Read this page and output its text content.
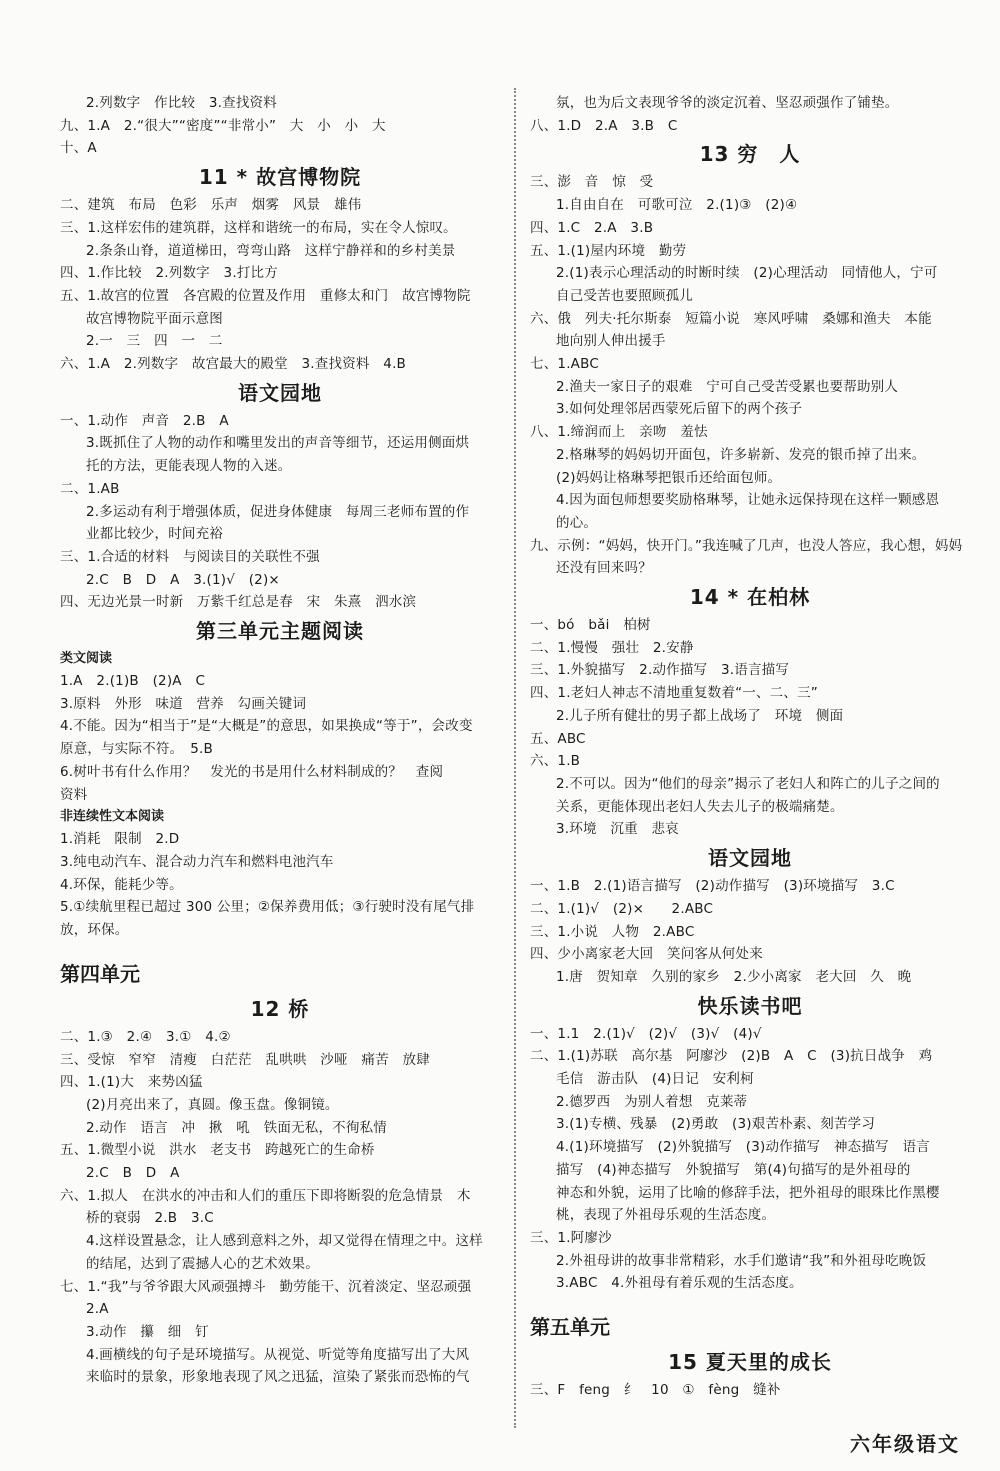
2.列数字　作比较　3.查找资料
九、1.A　2.“很大”“密度”“非常小”　大　小　小　大
十、A
11 * 故宫博物院
二、建筑　布局　色彩　乐声　烟雾　风景　雄伟
三、1.这样宏伟的建筑群，这样和谐统一的布局，实在令人惊叹。
2.条条山脊，道道梯田，弯弯山路　这样宁静祥和的乡村美景
四、1.作比较　2.列数字　3.打比方
五、1.故宫的位置　各宫殿的位置及作用　重修太和门　故宫博物院
故宫博物院平面示意图
2.一　三　四　一　二
六、1.A　2.列数字　故宫最大的殿堂　3.查找资料　4.B
语文园地
一、1.动作　声音　2.B　A
3.既抓住了人物的动作和嘴里发出的声音等细节，还运用侧面烘
托的方法，更能表现人物的入迷。
二、1.AB
2.多运动有利于增强体质，促进身体健康　每周三老师布置的作
业都比较少，时间充裕
三、1.合适的材料　与阅读目的关联性不强
2.C　B　D　A　3.(1)√　(2)×
四、无边光景一时新　万紫千红总是春　宋　朱熹　泗水滨
第三单元主题阅读
类文阅读
1.A　2.(1)B　(2)A　C
3.原料　外形　味道　营养　勾画关键词
4.不能。因为“相当于”是“大概是”的意思，如果换成“等于”，会改变
原意，与实际不符。　5.B
6.树叶书有什么作用？　发光的书是用什么材料制成的？　查阅
资料
非连续性文本阅读
1.消耗　限制　2.D
3.纯电动汽车、混合动力汽车和燃料电池汽车
4.环保，能耗少等。
5.①续航里程已超过 300 公里；②保养费用低；③行驶时没有尾气排
放，环保。
第四单元
12 桥
二、1.③　2.④　3.①　4.②
三、受惊　窄窄　清瘦　白茫茫　乱哄哄　沙哑　痛苦　放肆
四、1.(1)大　来势凶猛
(2)月亮出来了，真圆。像玉盘。像铜镜。
2.动作　语言　冲　揪　吼　铁面无私，不徇私情
五、1.微型小说　洪水　老支书　跨越死亡的生命桥
2.C　B　D　A
六、1.拟人　在洪水的冲击和人们的重压下即将断裂的危急情景　木
桥的衰弱　2.B　3.C
4.这样设置悬念，让人感到意料之外，却又觉得在情理之中。这样
的结尾，达到了震撼人心的艺术效果。
七、1.“我”与爷爷跟大风顽强搏斗　勤劳能干、沉着淡定、坚忍顽强
2.A
3.动作　攥　细　钉
4.画横线的句子是环境描写。从视觉、听觉等角度描写出了大风
来临时的景象，形象地表现了风之迅猛，渲染了紧张而恐怖的气
氛，也为后文表现爷爷的淡定沉着、坚忍顽强作了铺垫。
八、1.D　2.A　3.B　C
13 穷　人
三、澎　音　惊　受
1.自由自在　可歌可泣　2.(1)③　(2)④
四、1.C　2.A　3.B
五、1.(1)屋内环境　勤劳
2.(1)表示心理活动的时断时续　(2)心理活动　同情他人，宁可
自己受苦也要照顾孤儿
六、俄　列夫·托尔斯泰　短篇小说　寒风呼啸　桑娜和渔夫　本能
地向别人伸出援手
七、1.ABC
2.渔夫一家日子的艰难　宁可自己受苦受累也要帮助别人
3.如何处理邻居西蒙死后留下的两个孩子
八、1.缔润而上　亲吻　羞怯
2.格琳琴的妈妈切开面包，许多崭新、发亮的银币掉了出来。
(2)妈妈让格琳琴把银币还给面包师。
4.因为面包师想要奖励格琳琴，让她永远保持现在这样一颗感恩
的心。
九、示例：“妈妈，快开门。”我连喊了几声，也没人答应，我心想，妈妈
还没有回来吗？
14 * 在柏林
一、bó　bǎi　柏树
二、1.慢慢　强壮　2.安静
三、1.外貌描写　2.动作描写　3.语言描写
四、1.老妇人神志不清地重复数着“一、二、三”
2.儿子所有健壮的男子都上战场了　环境　侧面
五、ABC
六、1.B
2.不可以。因为“他们的母亲”揭示了老妇人和阵亡的儿子之间的
关系，更能体现出老妇人失去儿子的极端痛楚。
3.环境　沉重　悲哀
语文园地
一、1.B　2.(1)语言描写　(2)动作描写　(3)环境描写　3.C
二、1.(1)√　(2)×　　2.ABC
三、1.小说　人物　2.ABC
四、少小离家老大回　笑问客从何处来
1.唐　贺知章　久别的家乡　2.少小离家　老大回　久　晚
快乐读书吧
一、1.1　2.(1)√　(2)√　(3)√　(4)√
二、1.(1)苏联　高尔基　阿廖沙　(2)B　A　C　(3)抗日战争　鸡
毛信　游击队　(4)日记　安利柯
2.德罗西　为别人着想　克莱蒂
3.(1)专横、残暴　(2)勇敢　(3)艰苦朴素、刻苦学习
4.(1)环境描写　(2)外貌描写　(3)动作描写　神态描写　语言
描写　(4)神态描写　外貌描写　第(4)句描写的是外祖母的
神态和外貌，运用了比喻的修辞手法，把外祖母的眼珠比作黑樱
桃，表现了外祖母乐观的生活态度。
三、1.阿廖沙
2.外祖母讲的故事非常精彩，水手们邀请“我”和外祖母吃晚饭
3.ABC　4.外祖母有着乐观的生活态度。
第五单元
15 夏天里的成长
三、F　feng　纟　10　①　fèng　缝补
六年级语文
